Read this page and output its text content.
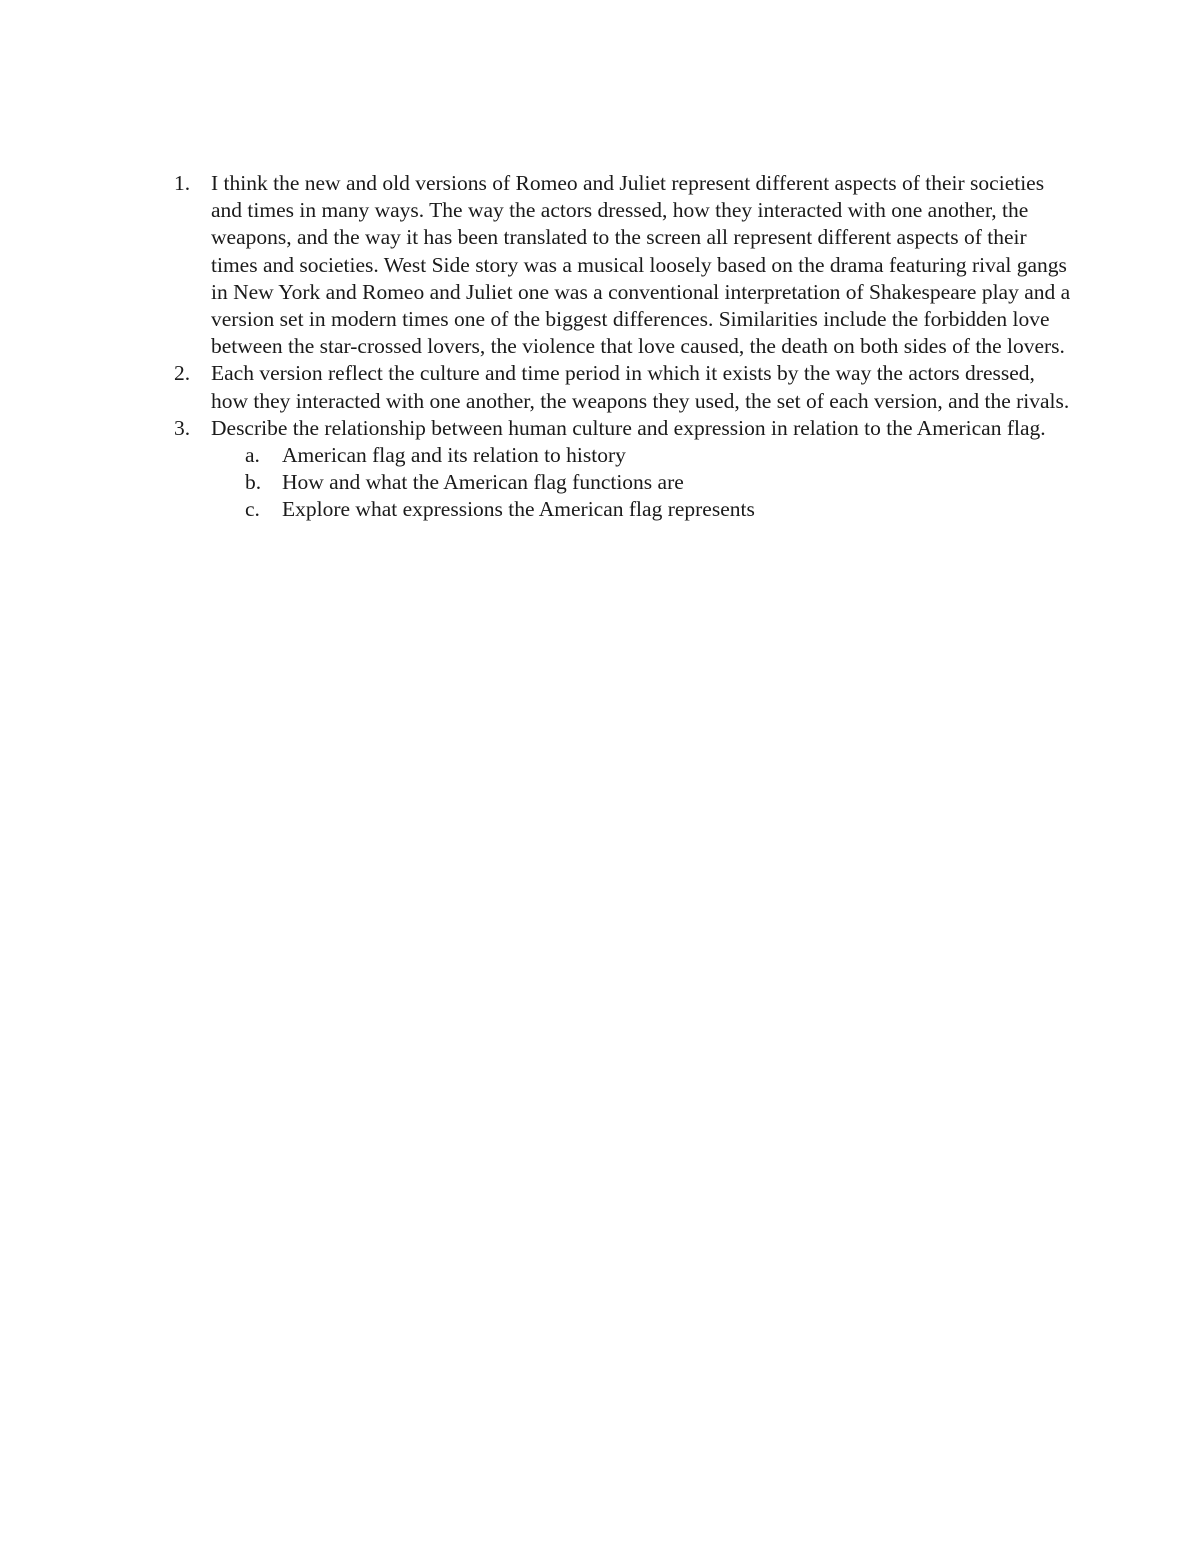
1. I think the new and old versions of Romeo and Juliet represent different aspects of their societies and times in many ways. The way the actors dressed, how they interacted with one another, the weapons, and the way it has been translated to the screen all represent different aspects of their times and societies. West Side story was a musical loosely based on the drama featuring rival gangs in New York and Romeo and Juliet one was a conventional interpretation of Shakespeare play and a version set in modern times one of the biggest differences. Similarities include the forbidden love between the star-crossed lovers, the violence that love caused, the death on both sides of the lovers.
2. Each version reflect the culture and time period in which it exists by the way the actors dressed, how they interacted with one another, the weapons they used, the set of each version, and the rivals.
3. Describe the relationship between human culture and expression in relation to the American flag.
a.	American flag and its relation to history
b. How and what the American flag functions are
c.	Explore what expressions the American flag represents
